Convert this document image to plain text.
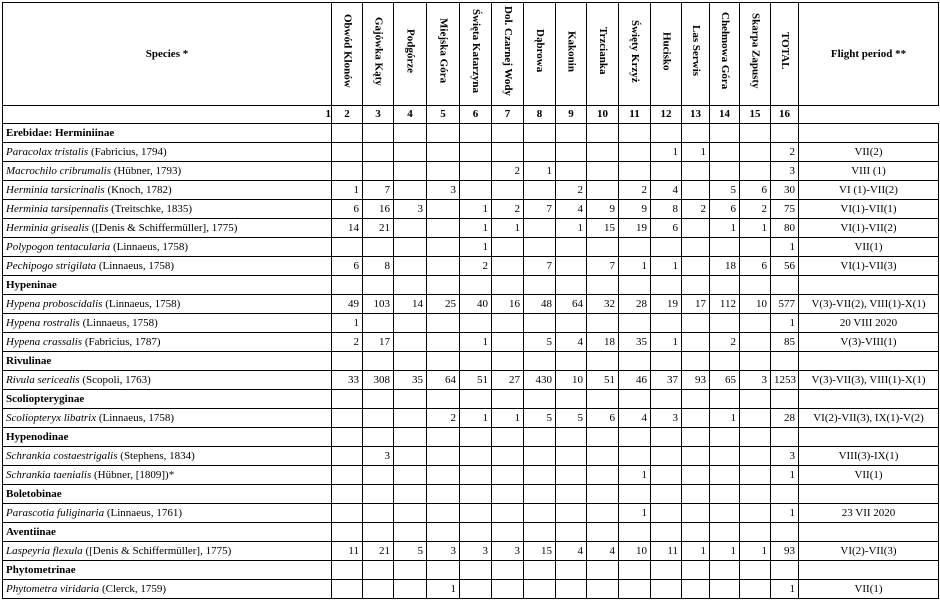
Species *	Obwód Klonów	Gajówka Kąty	Podgórze	Miejska Góra	Święta Katarzyna	Dol. Czarnej Wody	Dąbrowa	Kakonin	Trzcianka	Święty Krzyż	Hucisko	Las Serwis	Chełmowa Góra	Skarpa Zapusty	TOTAL	Flight period **
1	2	3	4	5	6	7	8	9	10	11	12	13	14	15	16	
Erebidae: Herminiinae																
Paracolax tristalis (Fabricius, 1794)											1	1			2	VII(2)
Macrochilo cribrumalis (Hübner, 1793)						2	1								3	VIII (1)
Herminia tarsicrinalis (Knoch, 1782)	1	7		3				2		2	4		5	6	30	VI (1)-VII(2)
Herminia tarsipennalis (Treitschke, 1835)	6	16	3		1	2	7	4	9	9	8	2	6	2	75	VI(1)-VII(1)
Herminia grisealis ([Denis & Schiffermüller], 1775)	14	21			1	1		1	15	19	6		1	1	80	VI(1)-VII(2)
Polypogon tentacularia (Linnaeus, 1758)					1										1	VII(1)
Pechipogo strigilata (Linnaeus, 1758)	6	8			2		7		7	1	1		18	6	56	VI(1)-VII(3)
Hypeninae																
Hypena proboscidalis (Linnaeus, 1758)	49	103	14	25	40	16	48	64	32	28	19	17	112	10	577	V(3)-VII(2), VIII(1)-X(1)
Hypena rostralis (Linnaeus, 1758)	1														1	20 VIII 2020
Hypena crassalis (Fabricius, 1787)	2	17			1		5	4	18	35	1		2		85	V(3)-VIII(1)
Rivulinae																
Rivula sericealis (Scopoli, 1763)	33	308	35	64	51	27	430	10	51	46	37	93	65	3	1253	V(3)-VII(3), VIII(1)-X(1)
Scoliopteryginae																
Scoliopteryx libatrix (Linnaeus, 1758)				2	1	1	5	5	6	4	3		1		28	VI(2)-VII(3), IX(1)-V(2)
Hypenodinae																
Schrankia costaestrigalis (Stephens, 1834)		3													3	VIII(3)-IX(1)
Schrankia taenialis (Hübner, [1809])*										1					1	VII(1)
Boletobinae																
Parascotia fuliginaria (Linnaeus, 1761)										1					1	23 VII 2020
Aventiinae																
Laspeyria flexula ([Denis & Schiffermüller], 1775)	11	21	5	3	3	3	15	4	4	10	11	1	1	1	93	VI(2)-VII(3)
Phytometrinae																
Phytometra viridaria (Clerck, 1759)				1											1	VII(1)
